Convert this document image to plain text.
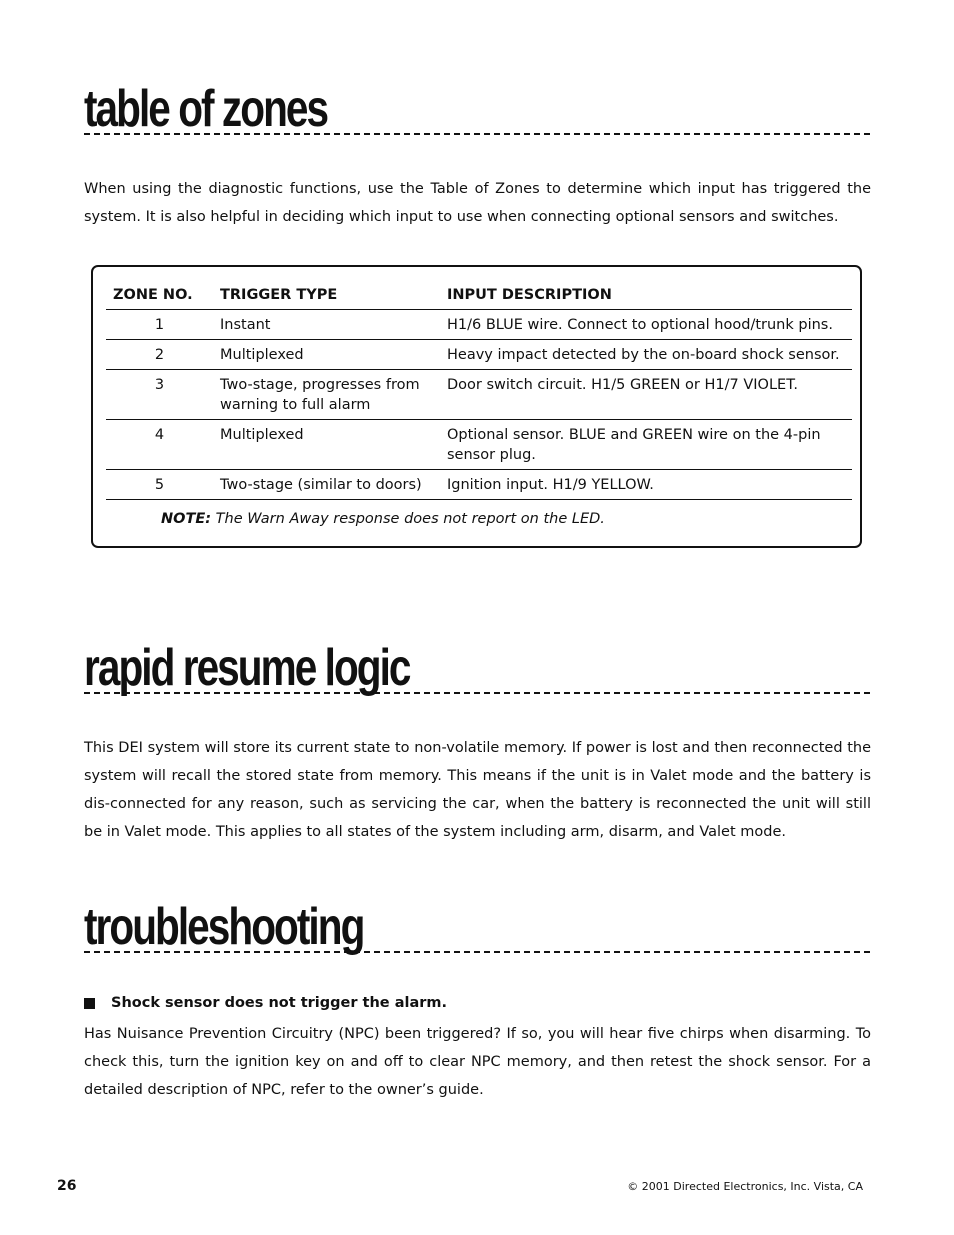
table of zones

When using the diagnostic functions, use the Table of Zones to determine which input has triggered the system. It is also helpful in deciding which input to use when connecting optional sensors and switches.

ZONE NO.	TRIGGER TYPE	INPUT DESCRIPTION
1	Instant	H1/6 BLUE wire. Connect to optional hood/trunk pins.
2	Multiplexed	Heavy impact detected by the on-board shock sensor.
3	Two-stage, progresses from warning to full alarm	Door switch circuit. H1/5 GREEN or H1/7 VIOLET.
4	Multiplexed	Optional sensor. BLUE and GREEN wire on the 4-pin sensor plug.
5	Two-stage (similar to doors)	Ignition input. H1/9 YELLOW.
NOTE: The Warn Away response does not report on the LED.
rapid resume logic

This DEI system will store its current state to non-volatile memory. If power is lost and then reconnected the system will recall the stored state from memory. This means if the unit is in Valet mode and the battery is dis-connected for any reason, such as servicing the car, when the battery is reconnected the unit will still be in Valet mode. This applies to all states of the system including arm, disarm, and Valet mode.

troubleshooting
Shock sensor does not trigger the alarm.

Has Nuisance Prevention Circuitry (NPC) been triggered? If so, you will hear five chirps when disarming. To check this, turn the ignition key on and off to clear NPC memory, and then retest the shock sensor. For a detailed description of NPC, refer to the owner’s guide.

26	© 2001 Directed Electronics, Inc. Vista, CA
